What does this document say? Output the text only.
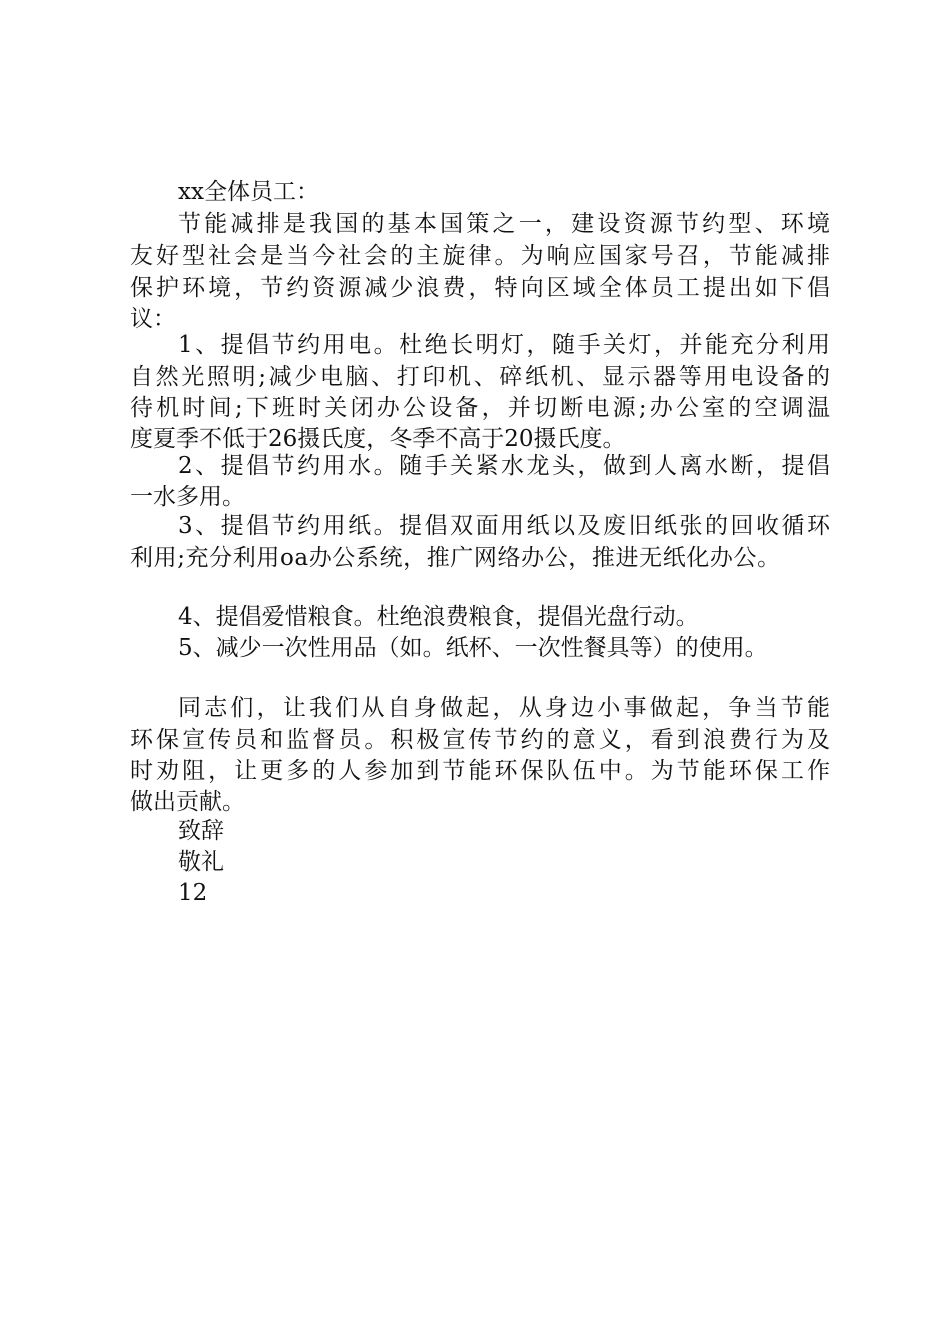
xx全体员工：
节能减排是我国的基本国策之一，建设资源节约型、环境
友好型社会是当今社会的主旋律。为响应国家号召，节能减排
保护环境，节约资源减少浪费，特向区域全体员工提出如下倡
议：
1、提倡节约用电。杜绝长明灯，随手关灯，并能充分利用
自然光照明;减少电脑、打印机、碎纸机、显示器等用电设备的
待机时间;下班时关闭办公设备，并切断电源;办公室的空调温
度夏季不低于26摄氏度，冬季不高于20摄氏度。
2、提倡节约用水。随手关紧水龙头，做到人离水断，提倡
一水多用。
3、提倡节约用纸。提倡双面用纸以及废旧纸张的回收循环
利用;充分利用oa办公系统，推广网络办公，推进无纸化办公。
4、提倡爱惜粮食。杜绝浪费粮食，提倡光盘行动。
5、减少一次性用品（如。纸杯、一次性餐具等）的使用。
同志们，让我们从自身做起，从身边小事做起，争当节能
环保宣传员和监督员。积极宣传节约的意义，看到浪费行为及
时劝阻，让更多的人参加到节能环保队伍中。为节能环保工作
做出贡献。
致辞
敬礼
12
